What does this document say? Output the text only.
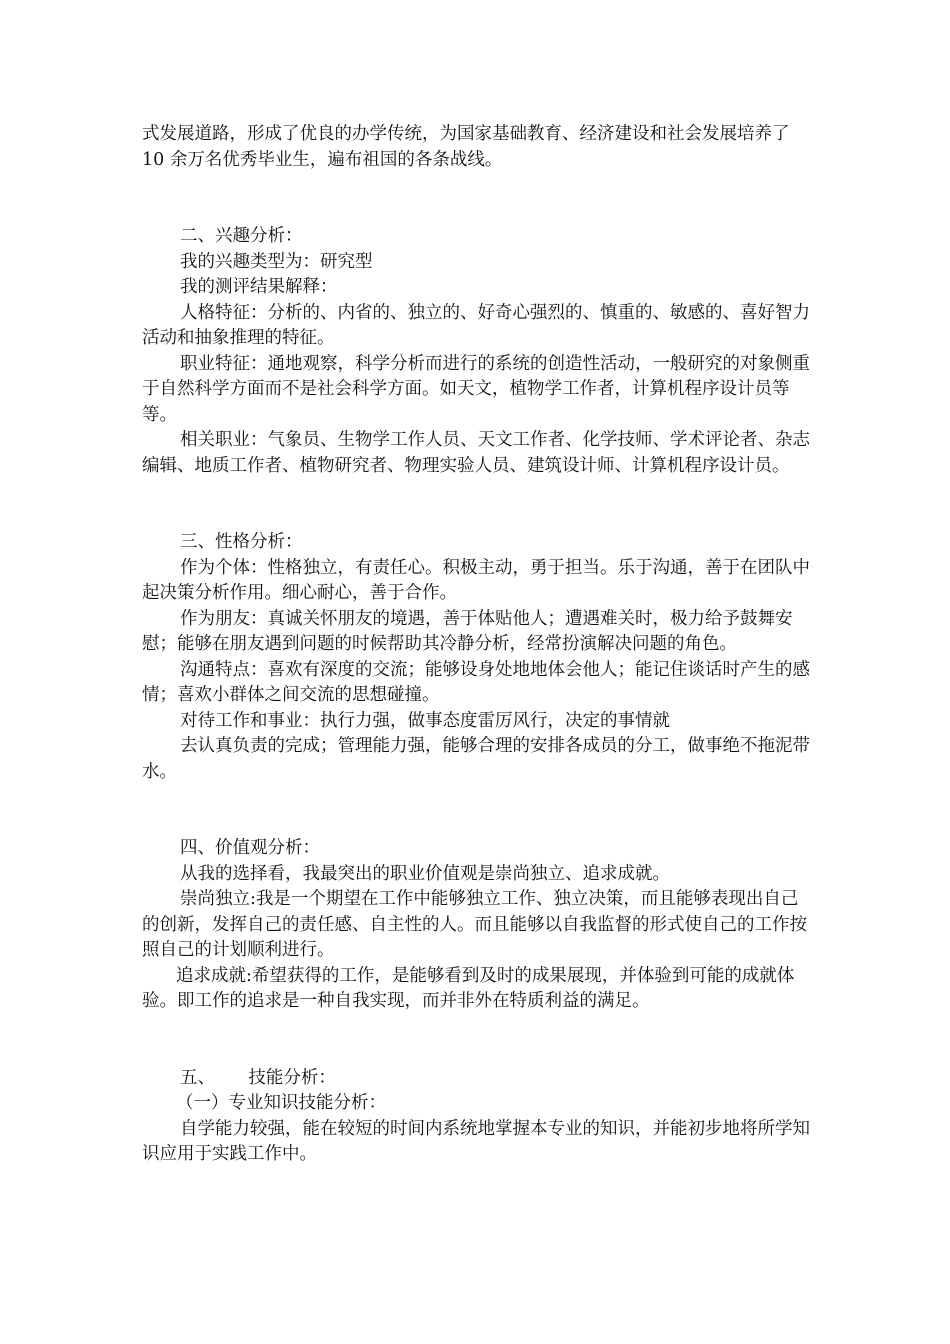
式发展道路，形成了优良的办学传统，为国家基础教育、经济建设和社会发展培养了 10 余万名优秀毕业生，遍布祖国的各条战线。

二、兴趣分析：

我的兴趣类型为：研究型

我的测评结果解释：

人格特征：分析的、内省的、独立的、好奇心强烈的、慎重的、敏感的、喜好智力活动和抽象推理的特征。

职业特征：通地观察，科学分析而进行的系统的创造性活动，一般研究的对象侧重于自然科学方面而不是社会科学方面。如天文，植物学工作者，计算机程序设计员等等。

相关职业：气象员、生物学工作人员、天文工作者、化学技师、学术评论者、杂志编辑、地质工作者、植物研究者、物理实验人员、建筑设计师、计算机程序设计员。

三、性格分析：

作为个体：性格独立，有责任心。积极主动，勇于担当。乐于沟通，善于在团队中起决策分析作用。细心耐心，善于合作。

作为朋友：真诚关怀朋友的境遇，善于体贴他人；遭遇难关时，极力给予鼓舞安慰；能够在朋友遇到问题的时候帮助其冷静分析，经常扮演解决问题的角色。

沟通特点：喜欢有深度的交流；能够设身处地地体会他人；能记住谈话时产生的感情；喜欢小群体之间交流的思想碰撞。

对待工作和事业：执行力强，做事态度雷厉风行，决定的事情就

去认真负责的完成；管理能力强，能够合理的安排各成员的分工，做事绝不拖泥带水。

四、价值观分析：

从我的选择看，我最突出的职业价值观是崇尚独立、追求成就。

崇尚独立:我是一个期望在工作中能够独立工作、独立决策，而且能够表现出自己的创新，发挥自己的责任感、自主性的人。而且能够以自我监督的形式使自己的工作按照自己的计划顺利进行。

追求成就:希望获得的工作，是能够看到及时的成果展现，并体验到可能的成就体验。即工作的追求是一种自我实现，而并非外在特质利益的满足。

五、      技能分析：

（一）专业知识技能分析：

自学能力较强，能在较短的时间内系统地掌握本专业的知识，并能初步地将所学知识应用于实践工作中。
